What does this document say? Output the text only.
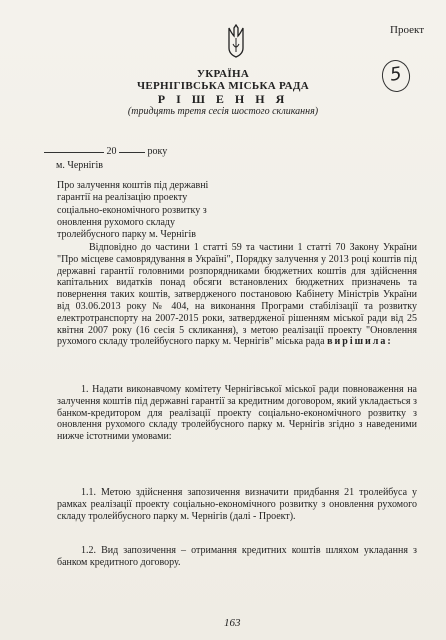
Проект
5
УКРАЇНА
ЧЕРНІГІВСЬКА МІСЬКА РАДА
Р І Ш Е Н Н Я
(тридцять третя сесія шостого скликання)
20	року
м. Чернігів
Про залучення коштів під державні
гарантії на реалізацію проекту
соціально-економічного розвитку з
оновлення рухомого складу
тролейбусного парку м. Чернігів
Відповідно до частини 1 статті 59 та частини 1 статті 70 Закону України "Про місцеве самоврядування в Україні", Порядку залучення у 2013 році коштів під державні гарантії головними розпорядниками бюджетних коштів для здійснення капітальних видатків понад обсяги встановлених бюджетних призначень та повернення таких коштів, затвердженого постановою Кабінету Міністрів України від 03.06.2013 року № 404, на виконання Програми стабілізації та розвитку електротранспорту на 2007-2015 роки, затвердженої рішенням міської ради від 25 квітня 2007 року (16 сесія 5 скликання), з метою реалізації проекту "Оновлення рухомого складу тролейбусного парку м. Чернігів" міська рада вирішила:
1. Надати виконавчому комітету Чернігівської міської ради повноваження на залучення коштів під державні гарантії за кредитним договором, який укладається з банком-кредитором для реалізації проекту соціально-економічного розвитку з оновлення рухомого складу тролейбусного парку м. Чернігів згідно з наведеними нижче істотними умовами:
1.1. Метою здійснення запозичення визначити придбання 21 тролейбуса у рамках реалізації проекту соціально-економічного розвитку з оновлення рухомого складу тролейбусного парку м. Чернігів (далі - Проект).
1.2. Вид запозичення – отримання кредитних коштів шляхом укладання з банком кредитного договору.
163
